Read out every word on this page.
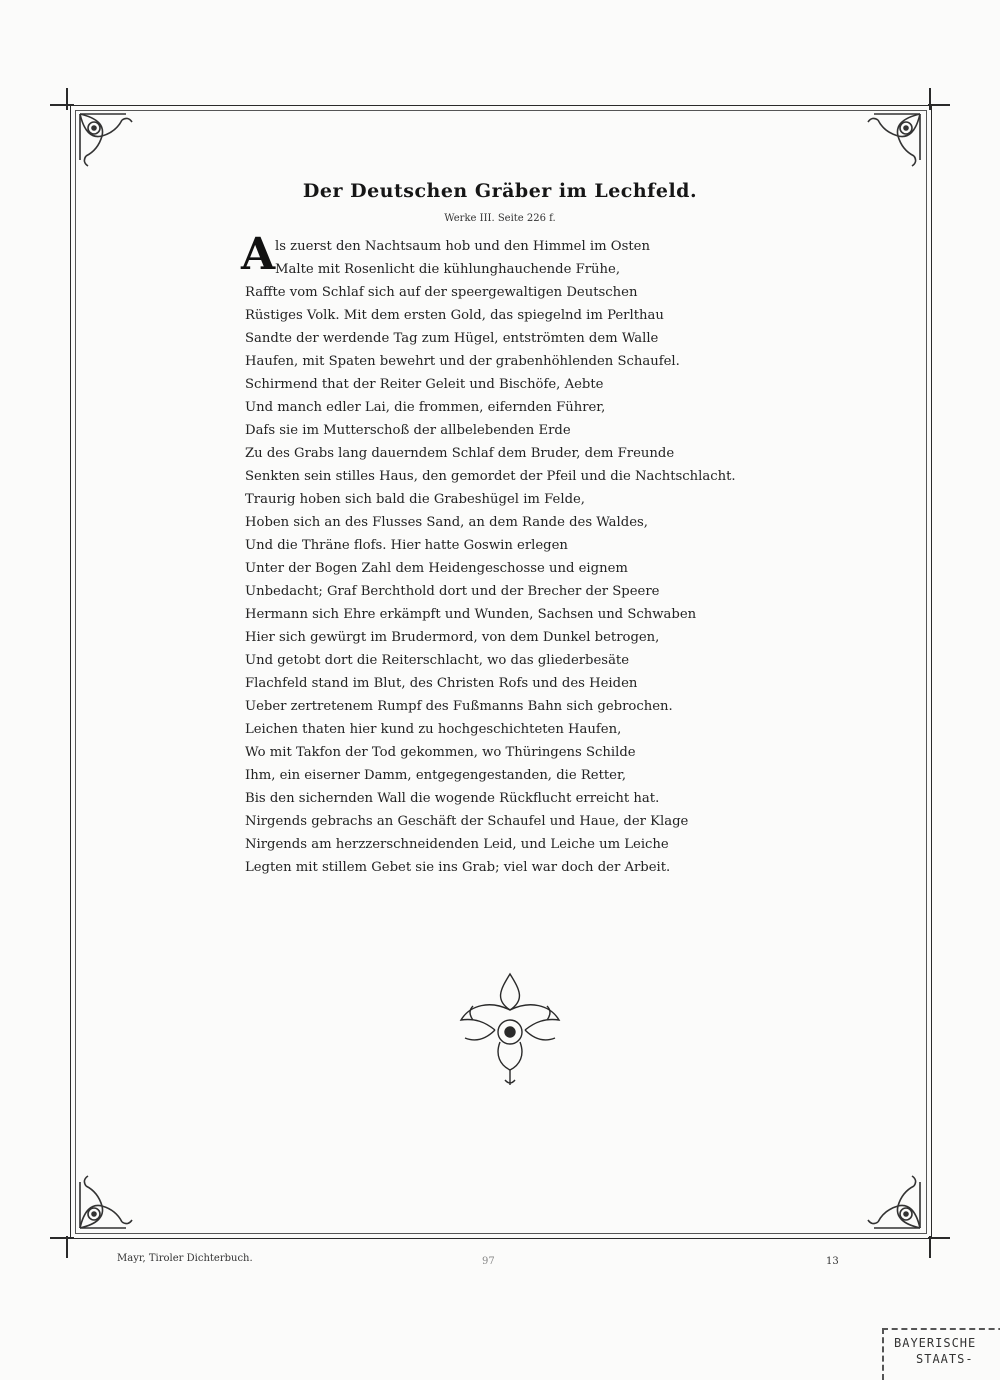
Der Deutschen Gräber im Lechfeld.
Werke III. Seite 226 f.
A ls zuerst den Nachtsaum hob und den Himmel im Osten
Malte mit Rosenlicht die kühlunghauchende Frühe,
Raffte vom Schlaf sich auf der speergewaltigen Deutschen
Rüstiges Volk. Mit dem ersten Gold, das spiegelnd im Perlthau
Sandte der werdende Tag zum Hügel, entströmten dem Walle
Haufen, mit Spaten bewehrt und der grabenhöhlenden Schaufel.
Schirmend that der Reiter Geleit und Bischöfe, Aebte
Und manch edler Lai, die frommen, eifernden Führer,
Dafs sie im Mutterschoß der allbelebenden Erde
Zu des Grabs lang dauerndem Schlaf dem Bruder, dem Freunde
Senkten sein stilles Haus, den gemordet der Pfeil und die Nachtschlacht.
Traurig hoben sich bald die Grabeshügel im Felde,
Hoben sich an des Flusses Sand, an dem Rande des Waldes,
Und die Thräne flofs. Hier hatte Goswin erlegen
Unter der Bogen Zahl dem Heidengeschosse und eignem
Unbedacht; Graf Berchthold dort und der Brecher der Speere
Hermann sich Ehre erkämpft und Wunden, Sachsen und Schwaben
Hier sich gewürgt im Brudermord, von dem Dunkel betrogen,
Und getobt dort die Reiterschlacht, wo das gliederbesäte
Flachfeld stand im Blut, des Christen Rofs und des Heiden
Ueber zertretenem Rumpf des Fußmanns Bahn sich gebrochen.
Leichen thaten hier kund zu hochgeschichteten Haufen,
Wo mit Takfon der Tod gekommen, wo Thüringens Schilde
Ihm, ein eiserner Damm, entgegengestanden, die Retter,
Bis den sichernden Wall die wogende Rückflucht erreicht hat.
Nirgends gebrachs an Geschäft der Schaufel und Haue, der Klage
Nirgends am herzzerschneidenden Leid, und Leiche um Leiche
Legten mit stillem Gebet sie ins Grab; viel war doch der Arbeit.
Mayr, Tiroler Dichterbuch.	97	13
BAYERISCHE
STAATS-
